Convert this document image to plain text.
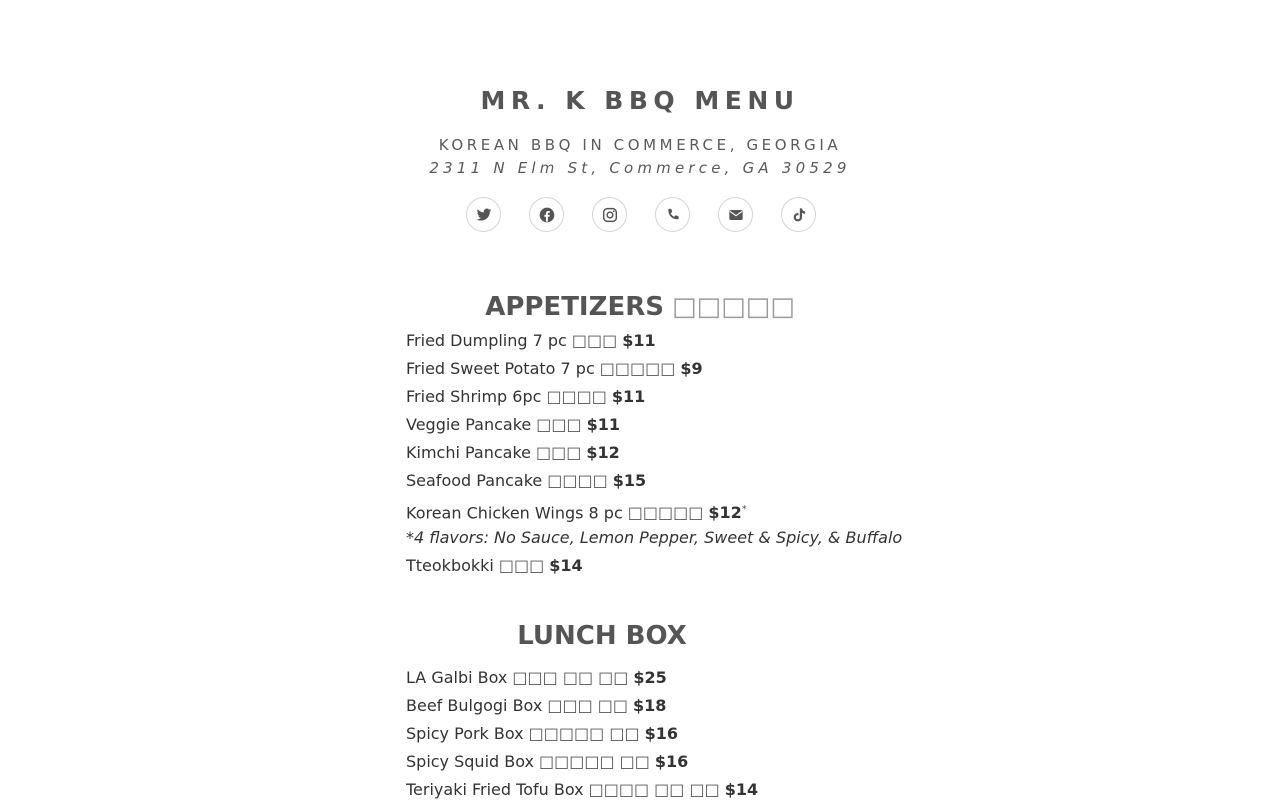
MR. K BBQ MENU
KOREAN BBQ IN COMMERCE, GEORGIA
2311 N Elm St, Commerce, GA 30529
APPETIZERS □□□□□
Fried Dumpling 7 pc □□□ $11
Fried Sweet Potato 7 pc □□□□□ $9
Fried Shrimp 6pc □□□□ $11
Veggie Pancake □□□ $11
Kimchi Pancake □□□ $12
Seafood Pancake □□□□ $15
Korean Chicken Wings 8 pc □□□□□ $12*
*4 flavors: No Sauce, Lemon Pepper, Sweet & Spicy, & Buffalo
Tteokbokki □□□ $14
LUNCH BOX
LA Galbi Box □□□ □□ □□ $25
Beef Bulgogi Box □□□ □□ $18
Spicy Pork Box □□□□□ □□ $16
Spicy Squid Box □□□□□ □□ $16
Teriyaki Fried Tofu Box □□□□ □□ □□ $14
